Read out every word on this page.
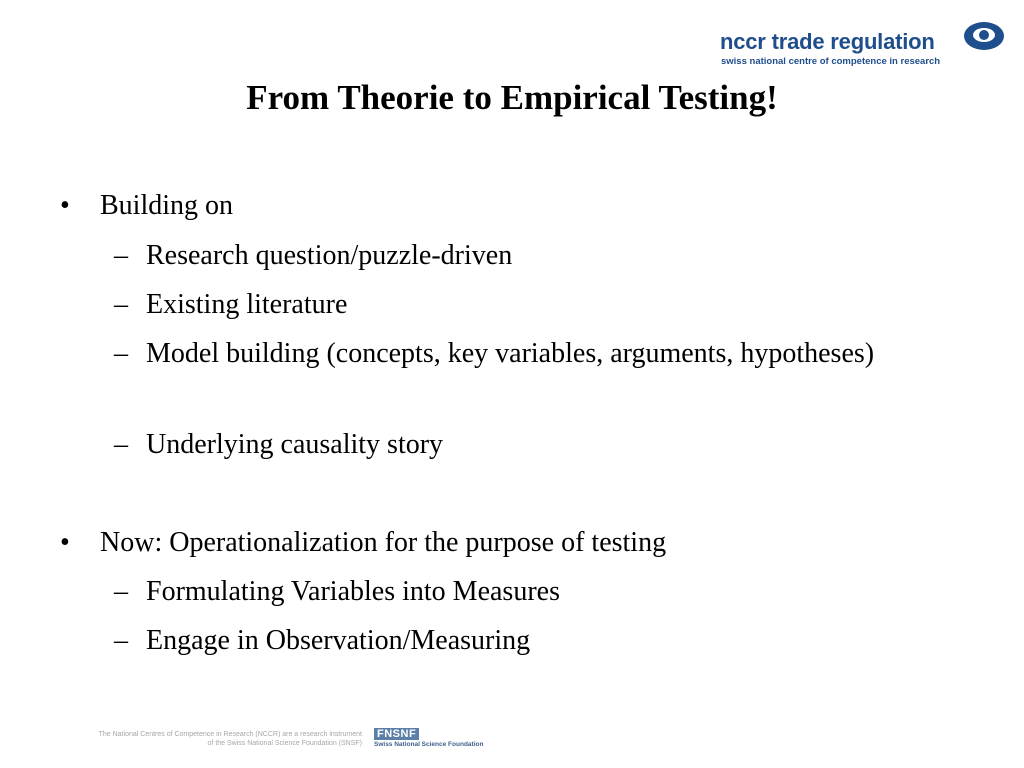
nccr trade regulation
swiss national centre of competence in research
From Theorie to Empirical Testing!
• Building on
– Research question/puzzle-driven
– Existing literature
– Model building (concepts, key variables, arguments, hypotheses)
– Underlying causality story
• Now: Operationalization for the purpose of testing
– Formulating Variables into Measures
– Engage in Observation/Measuring
The National Centres of Competence in Research (NCCR) are a research instrument
of the Swiss National Science Foundation (SNSF)
FNSNF
Swiss National Science Foundation
